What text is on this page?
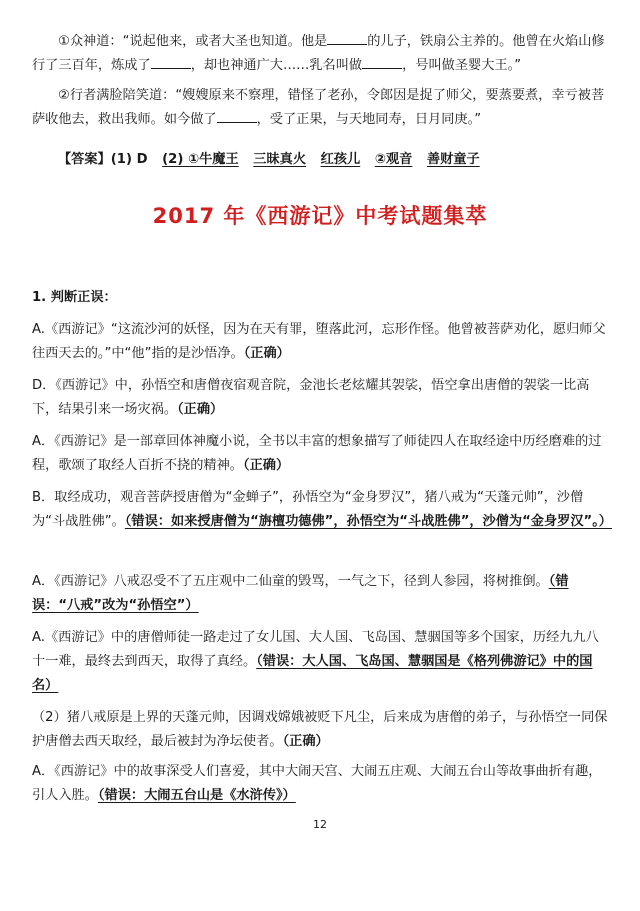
①众神道：“说起他来，或者大圣也知道。他是	的儿子，铁扇公主养的。他曾在火焰山修行了三百年，炼成了	，却也神通广大……乳名叫做	，号叫做圣婴大王。”

②行者满脸陪笑道：“嫂嫂原来不察理，错怪了老孙，令郎因是捉了师父，要蒸要煮，幸亏被菩萨收他去，救出我师。如今做了	，受了正果，与天地同寿，日月同庚。”

【答案】(1) D (2) ①牛魔王 三昧真火 红孩儿 ②观音 善财童子
2017 年《西游记》中考试题集萃

1. 判断正误：

A.《西游记》“这流沙河的妖怪，因为在天有罪，堕落此河，忘形作怪。他曾被菩萨劝化，愿归师父往西天去的。”中“他”指的是沙悟净。（正确）

D．《西游记》中，孙悟空和唐僧夜宿观音院，金池长老炫耀其袈裟，悟空拿出唐僧的袈裟一比高下，结果引来一场灾祸。（正确）

A．《西游记》是一部章回体神魔小说，全书以丰富的想象描写了师徒四人在取经途中历经磨难的过程，歌颂了取经人百折不挠的精神。（正确）

B．取经成功，观音菩萨授唐僧为“金蝉子”，孙悟空为“金身罗汉”，猪八戒为“天蓬元帅”，沙僧为“斗战胜佛”。（错误：如来授唐僧为“旃檀功德佛”，孙悟空为“斗战胜佛”，沙僧为“金身罗汉”。）

A．《西游记》八戒忍受不了五庄观中二仙童的毁骂，一气之下，径到人参园，将树推倒。（错误：“八戒”改为“孙悟空”）

A.《西游记》中的唐僧师徒一路走过了女儿国、大人国、飞岛国、慧骃国等多个国家，历经九九八十一难，最终去到西天，取得了真经。（错误：大人国、飞岛国、慧骃国是《格列佛游记》中的国名）

（2）猪八戒原是上界的天蓬元帅，因调戏嫦娥被贬下凡尘，后来成为唐僧的弟子，与孙悟空一同保护唐僧去西天取经，最后被封为净坛使者。（正确）

A．《西游记》中的故事深受人们喜爱，其中大闹天宫、大闹五庄观、大闹五台山等故事曲折有趣，引人入胜。（错误：大闹五台山是《水浒传》）

12
